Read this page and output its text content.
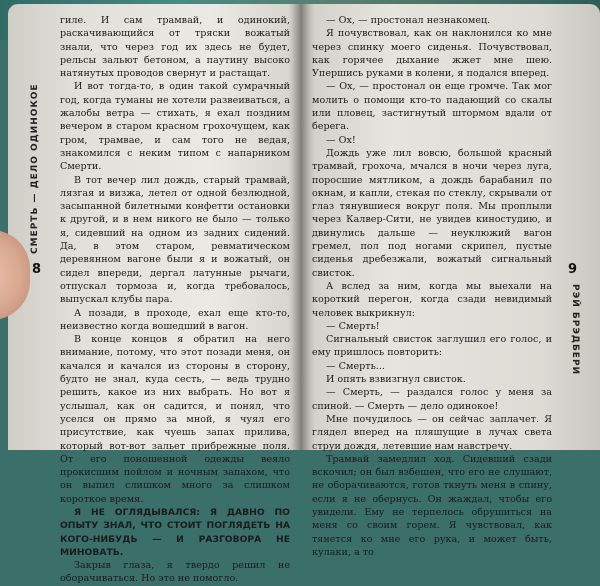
СМЕРТЬ — ДЕЛО ОДИНОКОЕ
8

гиле. И сам трамвай, и одинокий, раскачивающийся от тряски вожатый знали, что через год их здесь не будет, рельсы зальют бетоном, а паутину высоко натянутых проводов свернут и растащат.

И вот тогда-то, в один такой сумрачный год, когда туманы не хотели развеиваться, а жалобы ветра — стихать, я ехал поздним вечером в старом красном грохочущем, как гром, трамвае, и сам того не ведая, знакомился с неким типом с напарником Смерти.

В тот вечер лил дождь, старый трамвай, лязгая и визжа, летел от одной безлюдной, засыпанной билетными конфетти остановки к другой, и в нем никого не было — только я, сидевший на одном из задних сидений. Да, в этом старом, ревматическом деревянном вагоне были я и вожатый, он сидел впереди, дергал латунные рычаги, отпускал тормоза и, когда требовалось, выпускал клубы пара.

А позади, в проходе, ехал еще кто-то, неизвестно когда вошедший в вагон.

В конце концов я обратил на него внимание, потому, что этот позади меня, он качался и качался из стороны в сторону, будто не знал, куда сесть, — ведь трудно решить, какое из них выбрать. Но вот я услышал, как он садится, и понял, что уселся он прямо за мной, я чуял его присутствие, как чуешь запах прилива, который вот-вот зальет прибрежные поля. От его поношенной одежды веяло прокисшим пойлом и ночным запахом, что он выпил слишком много за слишком короткое время.

Я НЕ ОГЛЯДЫВАЛСЯ: Я ДАВНО ПО ОПЫТУ ЗНАЛ, ЧТО СТОИТ ПОГЛЯДЕТЬ НА КОГО-НИБУДЬ — И РАЗГОВОРА НЕ МИНОВАТЬ.

Закрыв глаза, я твердо решил не оборачиваться. Но это не помогло.

— Ох, — простонал незнакомец.

Я почувствовал, как он наклонился ко мне через спинку моего сиденья. Почувствовал, как горячее дыхание жжет мне шею. Упершись руками в колени, я подался вперед.

— Ох, — простонал он еще громче. Так мог молить о помощи кто-то падающий со скалы или пловец, застигнутый штормом вдали от берега.

— Ох!

Дождь уже лил вовсю, большой красный трамвай, грохоча, мчался в ночи через луга, поросшие мятликом, а дождь барабанил по окнам, и капли, стекая по стеклу, скрывали от глаз тянувшиеся вокруг поля. Мы проплыли через Калвер-Сити, не увидев киностудию, и двинулись дальше — неуклюжий вагон гремел, пол под ногами скрипел, пустые сиденья дребезжали, вожатый сигнальный свисток.

А вслед за ним, когда мы выехали на короткий перегон, когда сзади невидимый человек выкрикнул:

— Смерть!

Сигнальный свисток заглушил его голос, и ему пришлось повторить:

— Смерть...

И опять взвизгнул свисток.

— Смерть, — раздался голос у меня за спиной. — Смерть — дело одинокое!

Мне почудилось — он сейчас заплачет. Я глядел вперед на пляшущие в лучах света струи дождя, летевшие нам навстречу.

Трамвай замедлил ход. Сидевший сзади вскочил; он был взбешен, что его не слушают, не оборачиваются, готов ткнуть меня в спину, если я не обернусь. Он жаждал, чтобы его увидели. Ему не терпелось обрушиться на меня со своим горем. Я чувствовал, как тянется ко мне его рука, и может быть, кулаки, а то

9
РЭЙ БРЭДБЕРИ
